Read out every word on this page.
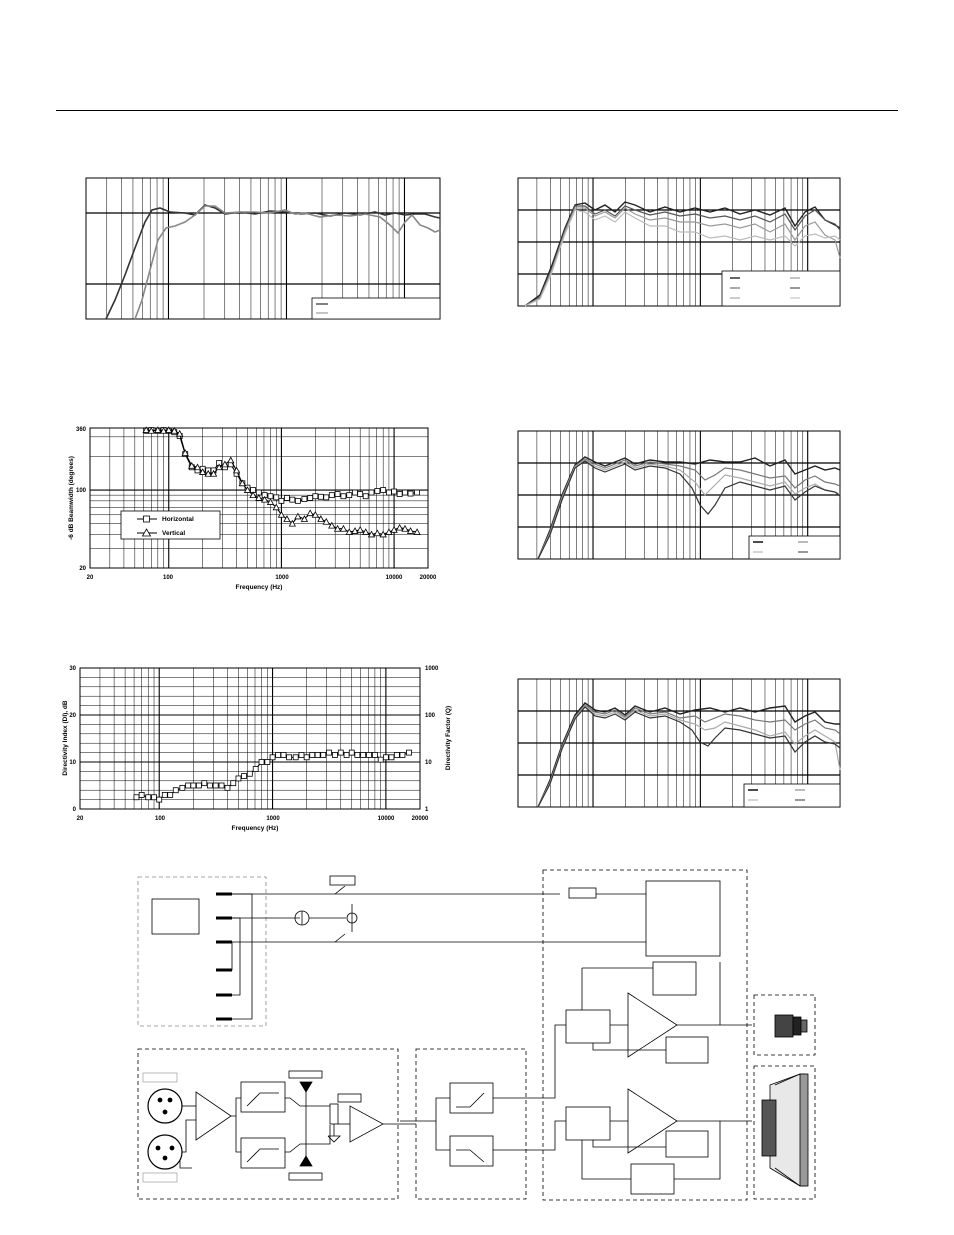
360
100
20
20	100	1000	10000	20000
Frequency (Hz)
-6 dB Beamwidth (degrees)	Horizontal
Vertical
30
20
10
0
1000
100
10
1
20	100	1000	10000	20000
Frequency (Hz)
Directivity Index (DI), dB	Directivity Factor (Q)
